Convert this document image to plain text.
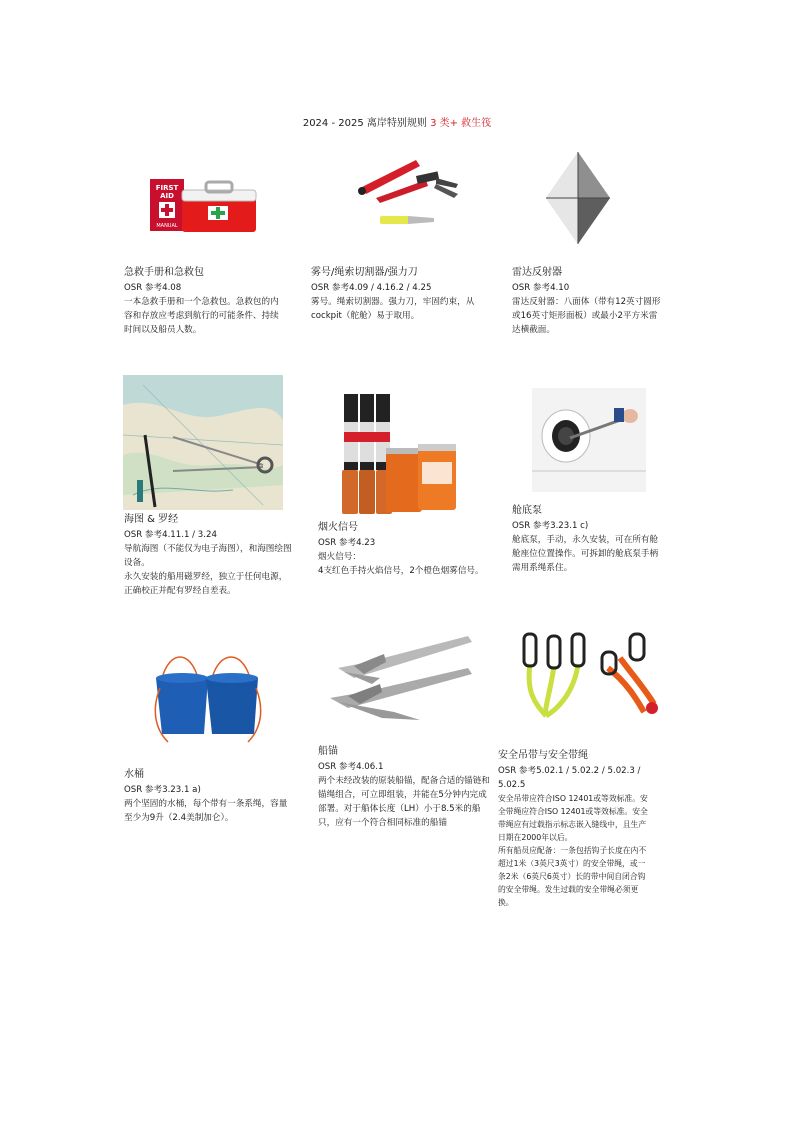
2024 - 2025 离岸特别规则 3 类+ 救生筏
FIRST
AID
MANUAL
急救手册和急救包

OSR 参考4.08

一本急救手册和一个急救包。急救包的内容和存放应考虑到航行的可能条件、持续时间以及船员人数。

雾号/绳索切割器/强力刀

OSR 参考4.09 / 4.16.2 / 4.25

雾号。绳索切割器。强力刀，牢固约束，从 cockpit（舵舱）易于取用。

雷达反射器

OSR 参考4.10

雷达反射器：八面体（带有12英寸圆形或16英寸矩形面板）或最小2平方米雷达横截面。

海图 & 罗经

OSR 参考4.11.1 / 3.24

导航海图（不能仅为电子海图），和海图绘图设备。

永久安装的船用磁罗经，独立于任何电源，正确校正并配有罗经自差表。

烟火信号

OSR 参考4.23

烟火信号：

4支红色手持火焰信号，2个橙色烟雾信号。

舱底泵

OSR 参考3.23.1 c)

舱底泵，手动，永久安装，可在所有舱舱座位位置操作。可拆卸的舱底泵手柄需用系绳系住。

水桶

OSR 参考3.23.1 a)

两个坚固的水桶，每个带有一条系绳，容量至少为9升（2.4美制加仑）。

船锚

OSR 参考4.06.1

两个未经改装的原装船锚，配备合适的锚链和锚绳组合，可立即组装，并能在5分钟内完成部署。对于船体长度（LH）小于8.5米的船只，应有一个符合相同标准的船锚

安全吊带与安全带绳

OSR 参考5.02.1 / 5.02.2 / 5.02.3 / 5.02.5

安全吊带应符合ISO 12401或等效标准。安全带绳应符合ISO 12401或等效标准。安全带绳应有过载指示标志嵌入缝线中，且生产日期在2000年以后。

所有船员应配备：一条包括钩子长度在内不超过1米（3英尺3英寸）的安全带绳，或一条2米（6英尺6英寸）长的带中间自闭合钩的安全带绳。发生过载的安全带绳必须更换。
